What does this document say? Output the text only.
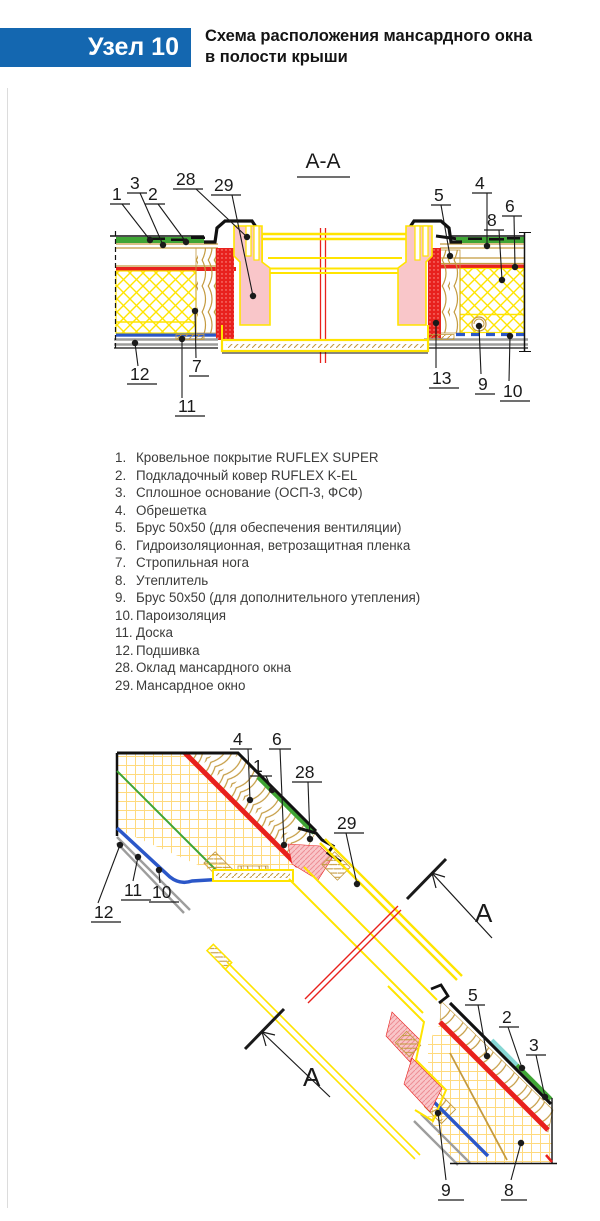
Узел 10	Схема расположения мансардного окна
в полости крыши
А-А
1
3
2
28 29	5
4
8
6
12 7
11
13 9 10
А
А
4 6
1 28
29
11 10
12
5
2
3
9	8
1. Кровельное покрытие RUFLEX SUPER
2. Подкладочный ковер RUFLEX K-EL
3. Сплошное основание (ОСП-3, ФСФ)
4. Обрешетка
5. Брус 50х50 (для обеспечения вентиляции)
6. Гидроизоляционная, ветрозащитная пленка
7. Стропильная нога
8. Утеплитель
9. Брус 50х50 (для дополнительного утепления)
10. Пароизоляция
11. Доска
12. Подшивка
28. Оклад мансардного окна
29. Мансардное окно
